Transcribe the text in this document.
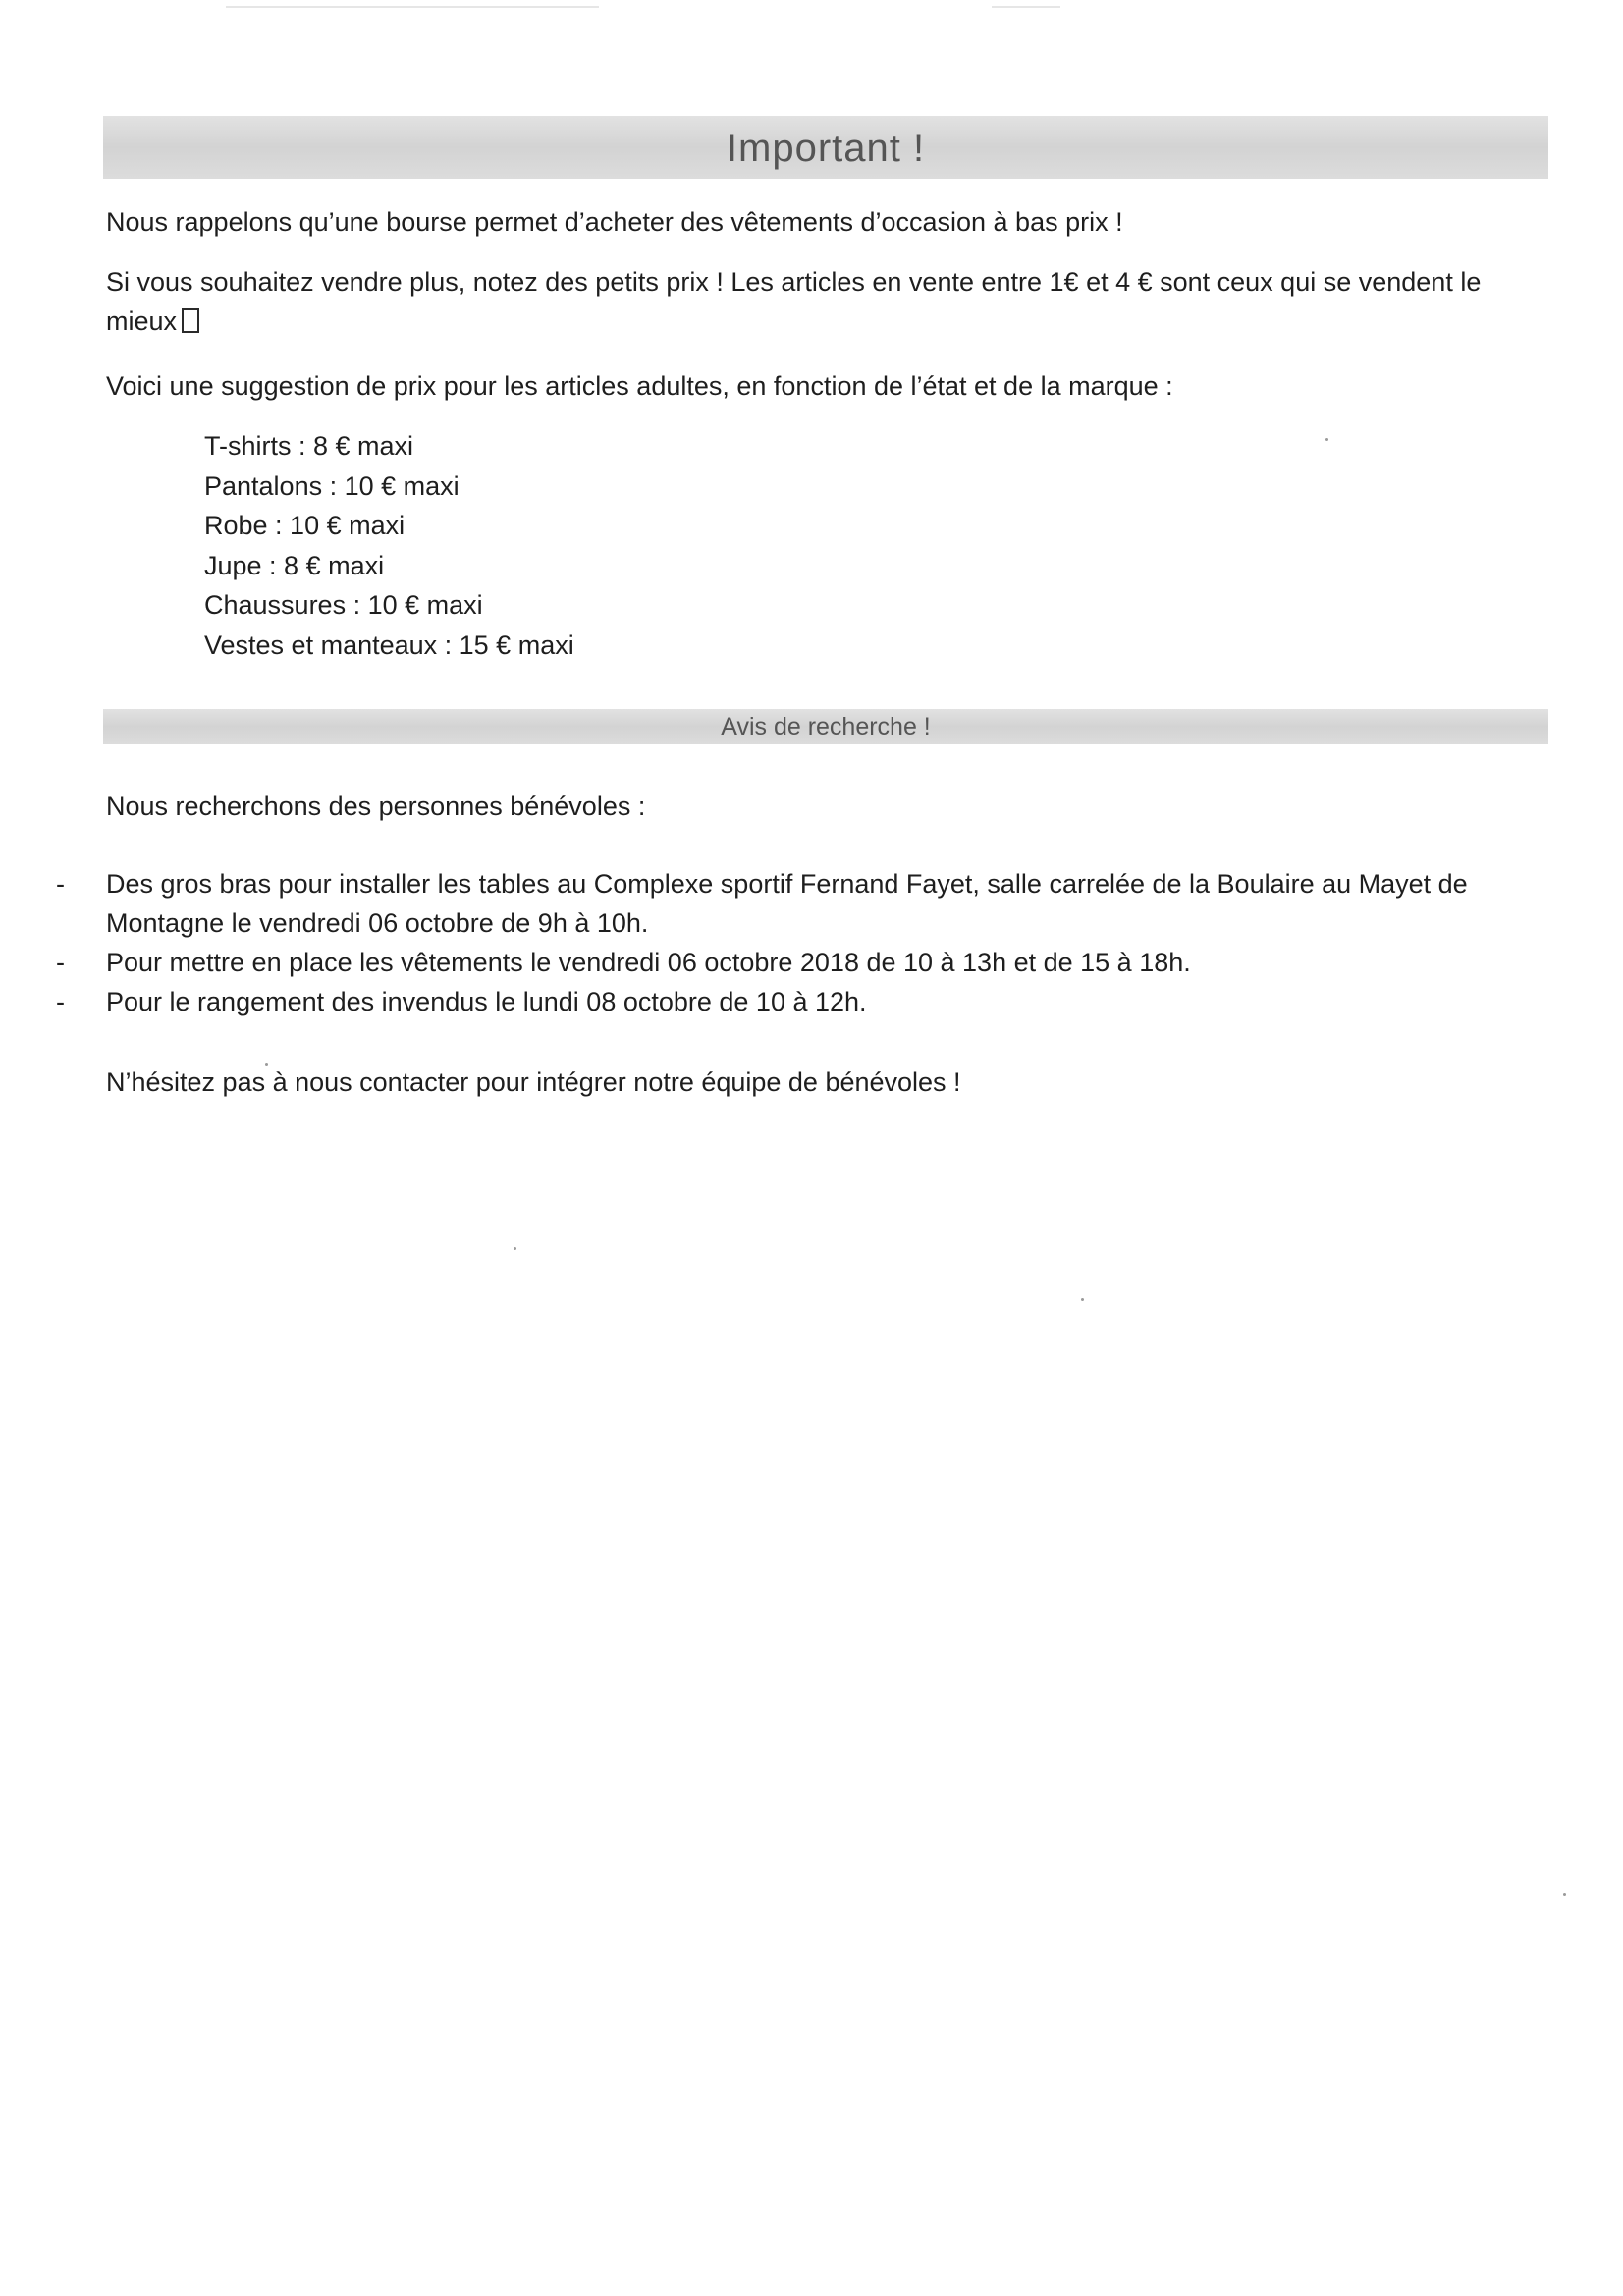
Important !

Nous rappelons qu’une bourse permet d’acheter des vêtements d’occasion à bas prix !

Si vous souhaitez vendre plus, notez des petits prix ! Les articles en vente entre 1€ et 4 € sont ceux qui se vendent le mieux

Voici une suggestion de prix pour les articles adultes, en fonction de l’état et de la marque :

T-shirts : 8 € maxi
Pantalons : 10 € maxi
Robe : 10 € maxi
Jupe : 8 € maxi
Chaussures : 10 € maxi
Vestes et manteaux : 15 € maxi
Avis de recherche !

Nous recherchons des personnes bénévoles :

- Des gros bras pour installer les tables au Complexe sportif Fernand Fayet, salle carrelée de la Boulaire au Mayet de Montagne le vendredi 06 octobre de 9h à 10h.
- Pour mettre en place les vêtements le vendredi 06 octobre 2018 de 10 à 13h et de 15 à 18h.
- Pour le rangement des invendus le lundi 08 octobre de 10 à 12h.

N’hésitez pas à nous contacter pour intégrer notre équipe de bénévoles !
